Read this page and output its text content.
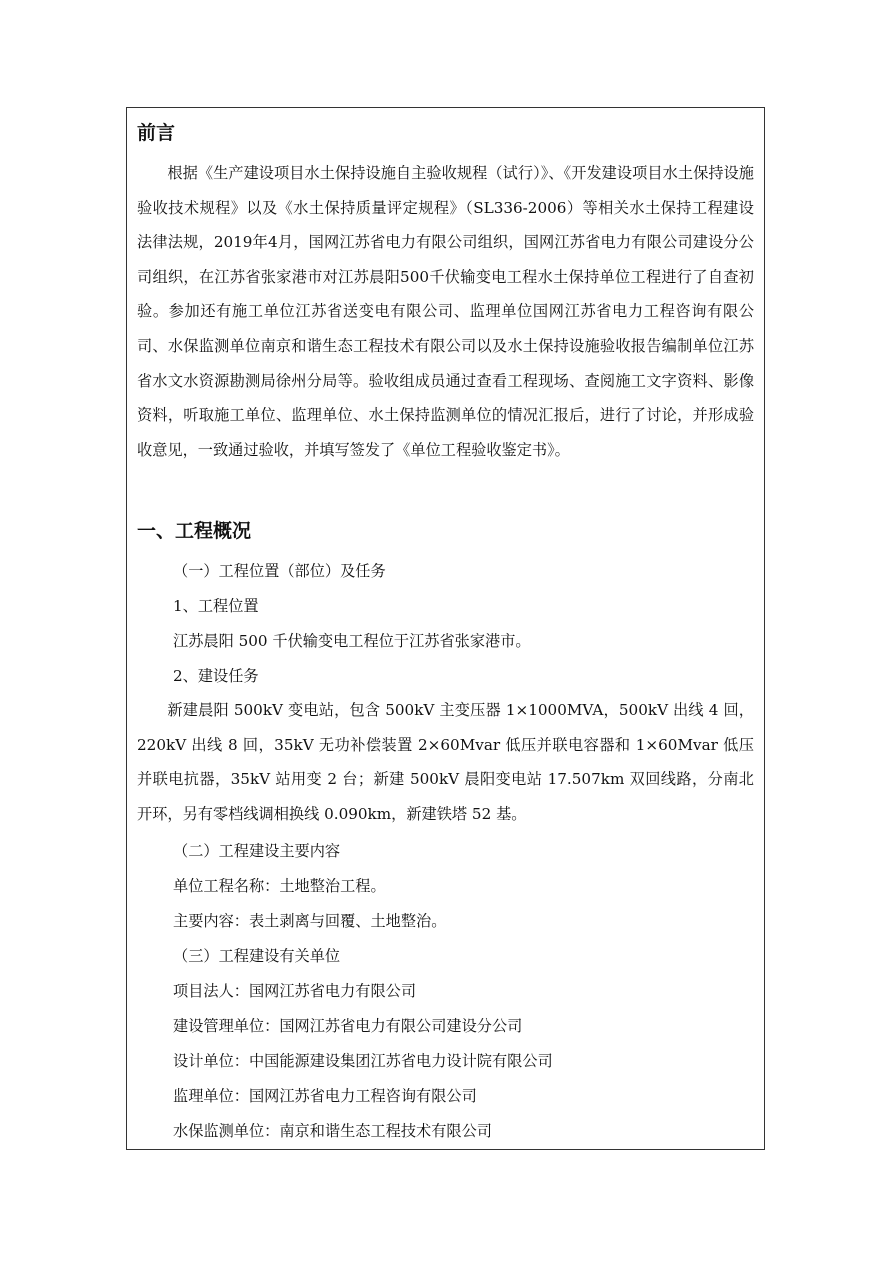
前言

根据《生产建设项目水土保持设施自主验收规程（试行）》、《开发建设项目水土保持设施验收技术规程》以及《水土保持质量评定规程》（SL336-2006）等相关水土保持工程建设法律法规，2019年4月，国网江苏省电力有限公司组织，国网江苏省电力有限公司建设分公司组织，在江苏省张家港市对江苏晨阳500千伏输变电工程水土保持单位工程进行了自查初验。参加还有施工单位江苏省送变电有限公司、监理单位国网江苏省电力工程咨询有限公司、水保监测单位南京和谐生态工程技术有限公司以及水土保持设施验收报告编制单位江苏省水文水资源勘测局徐州分局等。验收组成员通过查看工程现场、查阅施工文字资料、影像资料，听取施工单位、监理单位、水土保持监测单位的情况汇报后，进行了讨论，并形成验收意见，一致通过验收，并填写签发了《单位工程验收鉴定书》。

一、工程概况
（一）工程位置（部位）及任务
1、工程位置
江苏晨阳 500 千伏输变电工程位于江苏省张家港市。
2、建设任务

新建晨阳 500kV 变电站，包含 500kV 主变压器 1×1000MVA，500kV 出线 4 回，220kV 出线 8 回，35kV 无功补偿装置 2×60Mvar 低压并联电容器和 1×60Mvar 低压并联电抗器，35kV 站用变 2 台；新建 500kV 晨阳变电站 17.507km 双回线路，分南北开环，另有零档线调相换线 0.090km，新建铁塔 52 基。

（二）工程建设主要内容
单位工程名称：土地整治工程。
主要内容：表土剥离与回覆、土地整治。
（三）工程建设有关单位
项目法人：国网江苏省电力有限公司
建设管理单位：国网江苏省电力有限公司建设分公司
设计单位：中国能源建设集团江苏省电力设计院有限公司
监理单位：国网江苏省电力工程咨询有限公司
水保监测单位：南京和谐生态工程技术有限公司
